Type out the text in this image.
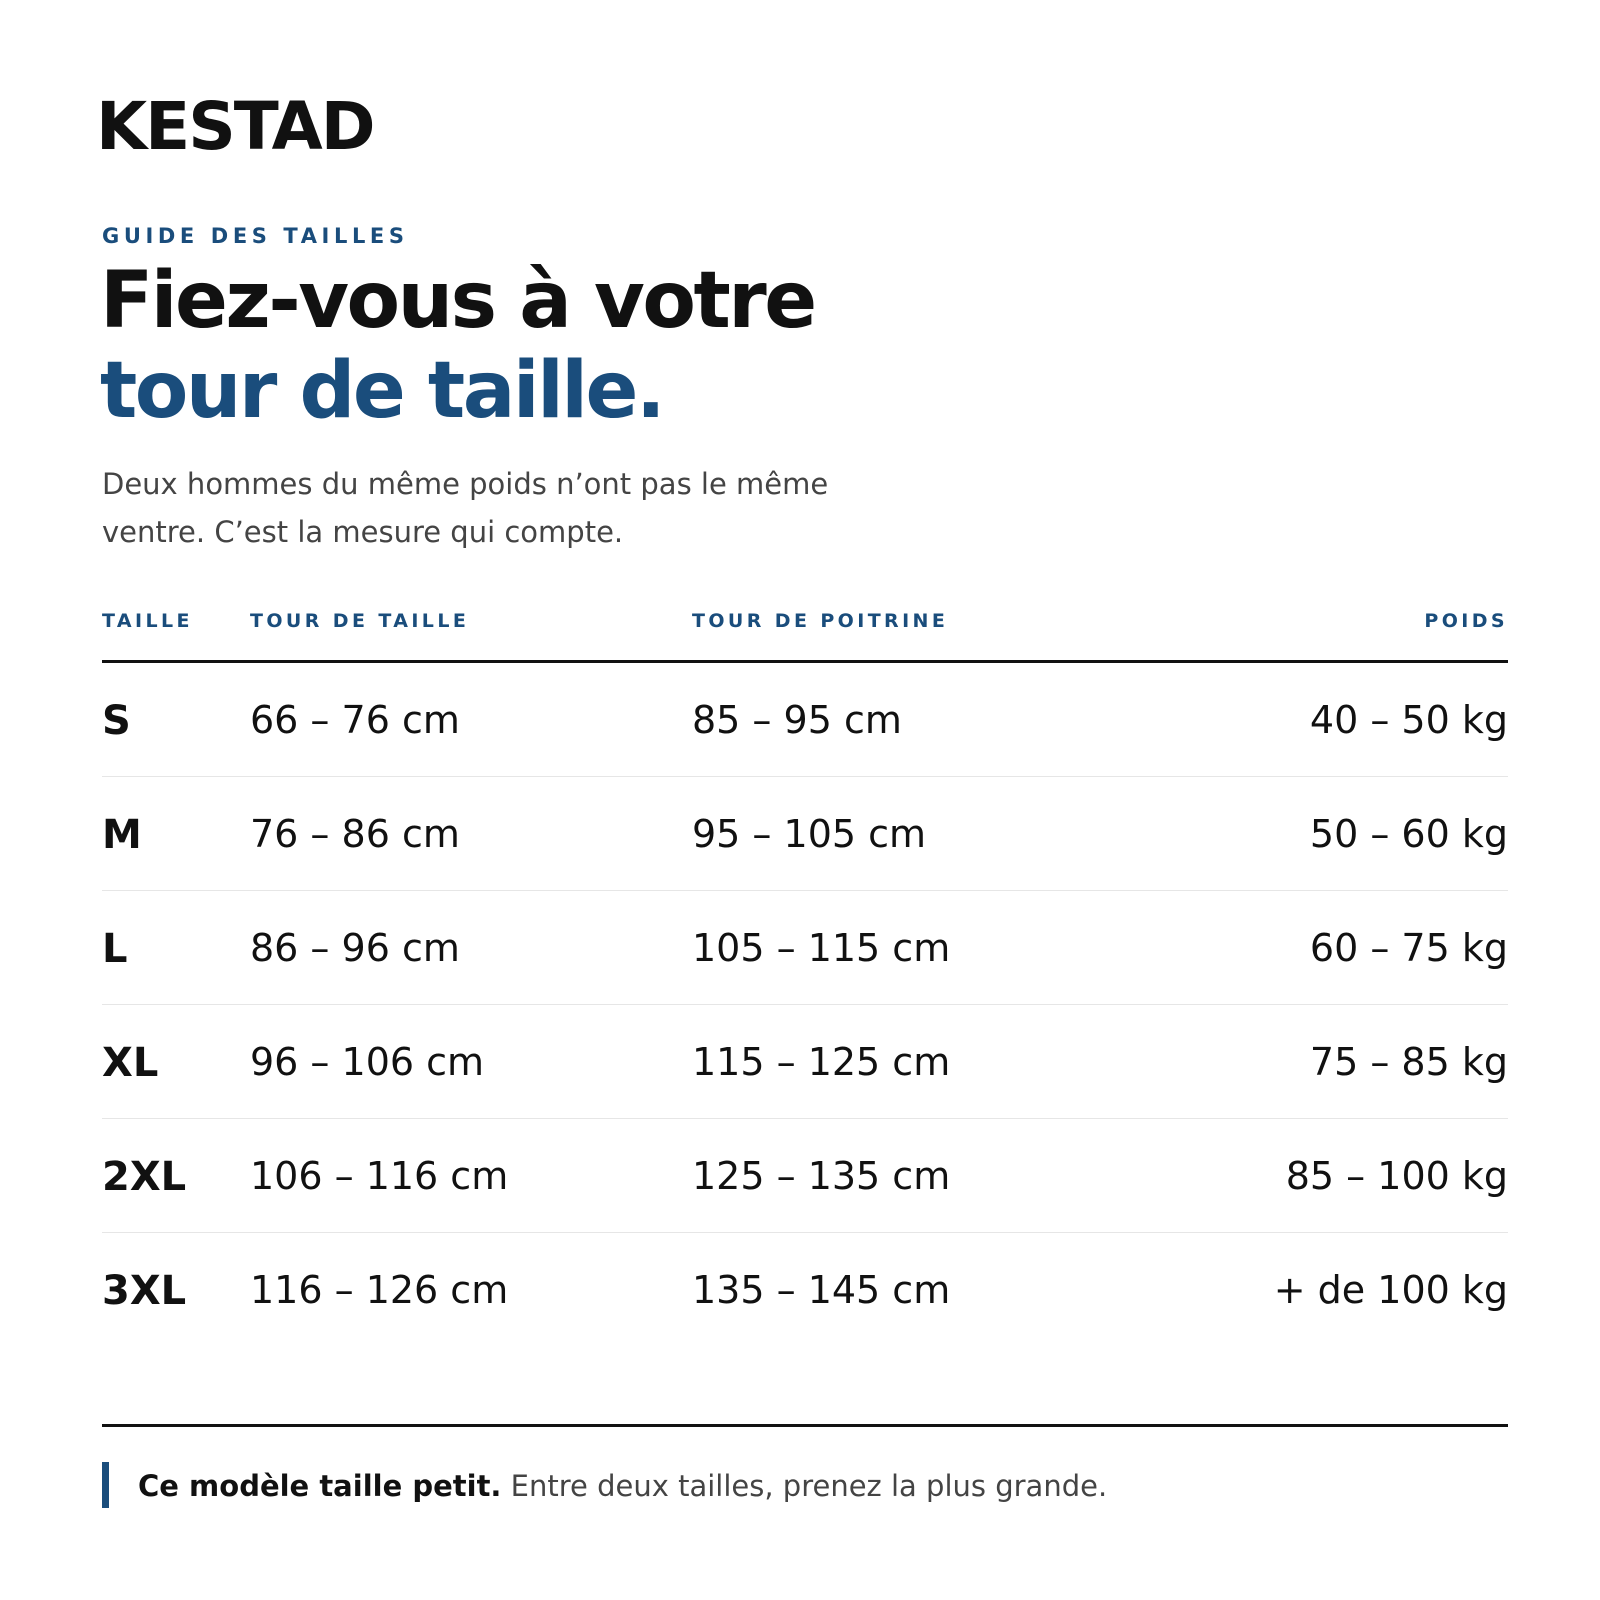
KESTAD
GUIDE DES TAILLES
Fiez-vous à votre
tour de taille.
Deux hommes du même poids n’ont pas le même
ventre. C’est la mesure qui compte.
TAILLE	TOUR DE TAILLE	TOUR DE POITRINE	POIDS
S	66 – 76 cm	85 – 95 cm	40 – 50 kg
M	76 – 86 cm	95 – 105 cm	50 – 60 kg
L	86 – 96 cm	105 – 115 cm	60 – 75 kg
XL 96 – 106 cm	115 – 125 cm	75 – 85 kg
2XL 106 – 116 cm	125 – 135 cm	85 – 100 kg
3XL 116 – 126 cm	135 – 145 cm	+ de 100 kg
Ce modèle taille petit. Entre deux tailles, prenez la plus grande.
